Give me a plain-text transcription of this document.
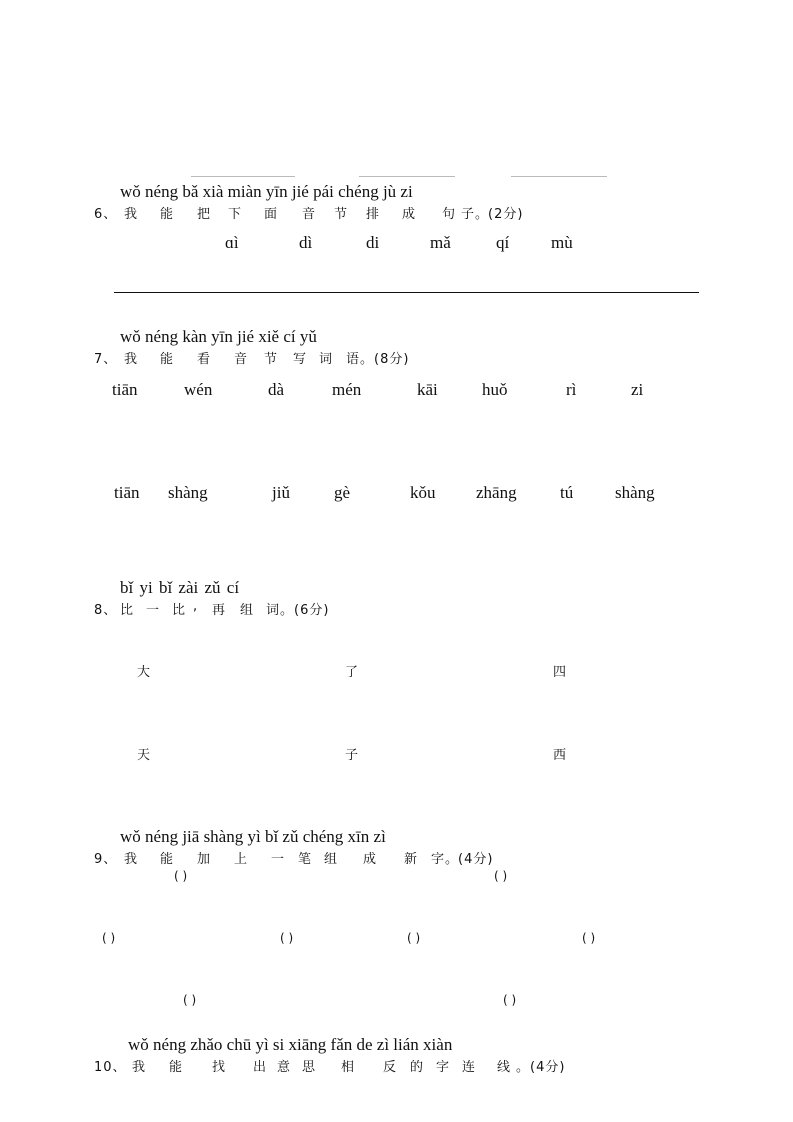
wǒ néng bǎ xià miàn yīn jié pái chéng jù zi
6、 我 能 把 下 面 音 节 排 成 句 子。
(2分)
ɑì	dì	di	mǎ	qí mù
wǒ néng kàn yīn jié xiě cí yǔ
7、 我 能 看 音 节 写 词 语。 (8分)
tiān	wén	dà	mén	kāi	huǒ	rì	zi
tiān shàng	jiǔ	gè	kǒu zhāng	tú shàng
bǐ yi bǐ zài zǔ cí
8、 比 一 比 , 再 组 词。 (6分)
大	了	四
天	子	西
wǒ néng jiā shàng yì bǐ zǔ chéng xīn zì
9、 我 能 加 上 一 笔 组 成 新 字。
(4分)
( )	( )
( )	( )	( )	( )
( )	( )
wǒ néng zhǎo chū yì si xiāng fǎn de zì lián xiàn
10、 我 能 找 出 意 思 相 反 的 字 连 线 。 (4分)
